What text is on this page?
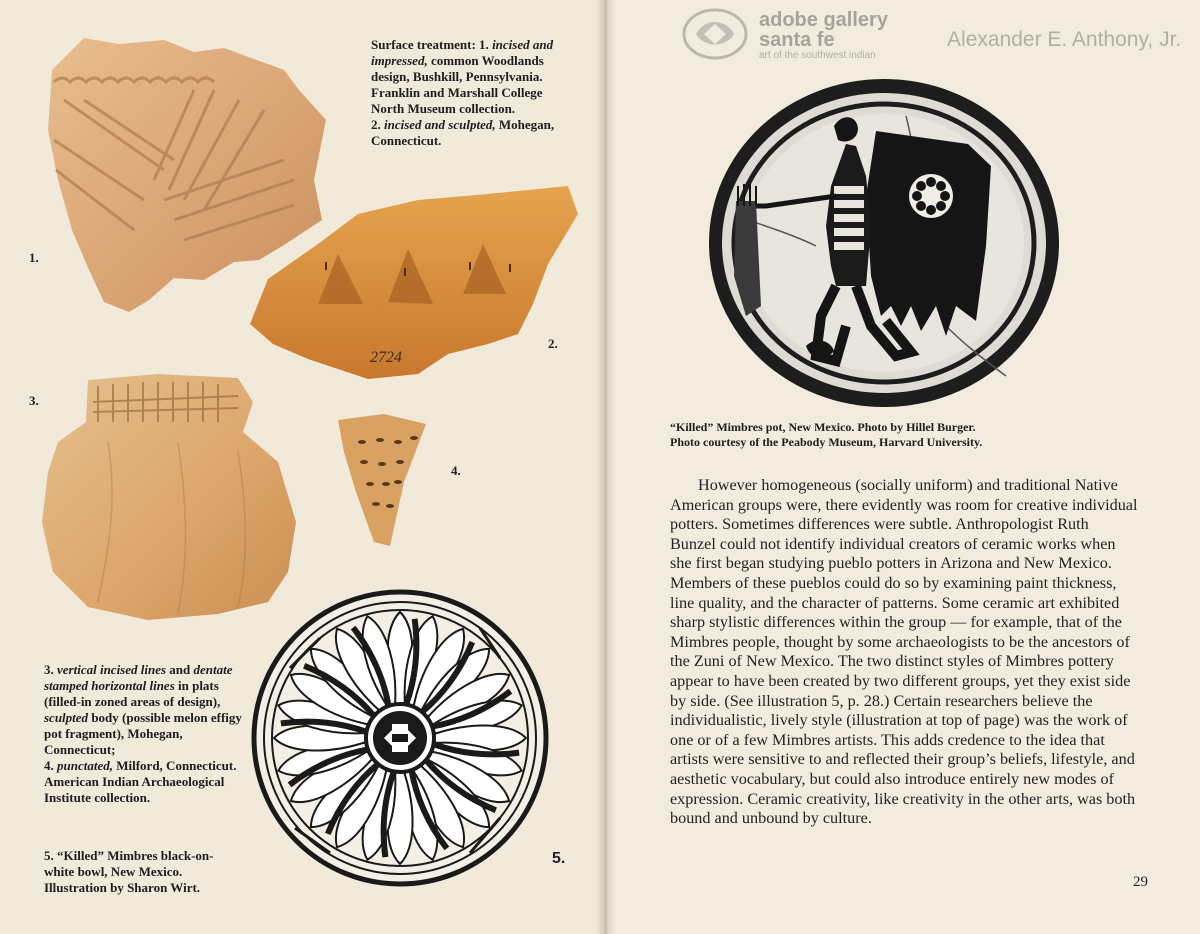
1.
2724
2.
3.
4.
5.
Surface treatment: 1. incised and impressed, common Woodlands design, Bushkill, Pennsylvania. Franklin and Marshall College North Museum collection.
2. incised and sculpted, Mohegan, Connecticut.
3. vertical incised lines and dentate stamped horizontal lines in plats (filled-in zoned areas of design), sculpted body (possible melon effigy pot fragment), Mohegan, Connecticut;
4. punctated, Milford, Connecticut.
American Indian Archaeological Institute collection.
5. “Killed” Mimbres black-on-white bowl, New Mexico. Illustration by Sharon Wirt.
adobe gallery
santa fe
art of the southwest indian
Alexander E. Anthony, Jr.
“Killed” Mimbres pot, New Mexico. Photo by Hillel Burger.
Photo courtesy of the Peabody Museum, Harvard University.

However homogeneous (socially uniform) and traditional Native American groups were, there evidently was room for creative individual potters. Sometimes differences were subtle. Anthropologist Ruth Bunzel could not identify individual creators of ceramic works when she first began studying pueblo potters in Arizona and New Mexico. Members of these pueblos could do so by examining paint thickness, line quality, and the character of patterns. Some ceramic art exhibited sharp stylistic differences within the group — for example, that of the Mimbres people, thought by some archaeologists to be the ancestors of the Zuni of New Mexico. The two distinct styles of Mimbres pottery appear to have been created by two different groups, yet they exist side by side. (See illustration 5, p. 28.) Certain researchers believe the individualistic, lively style (illustration at top of page) was the work of one or of a few Mimbres artists. This adds credence to the idea that artists were sensitive to and reflected their group’s beliefs, lifestyle, and aesthetic vocabulary, but could also introduce entirely new modes of expression. Ceramic creativity, like creativity in the other arts, was both bound and unbound by culture.

29
